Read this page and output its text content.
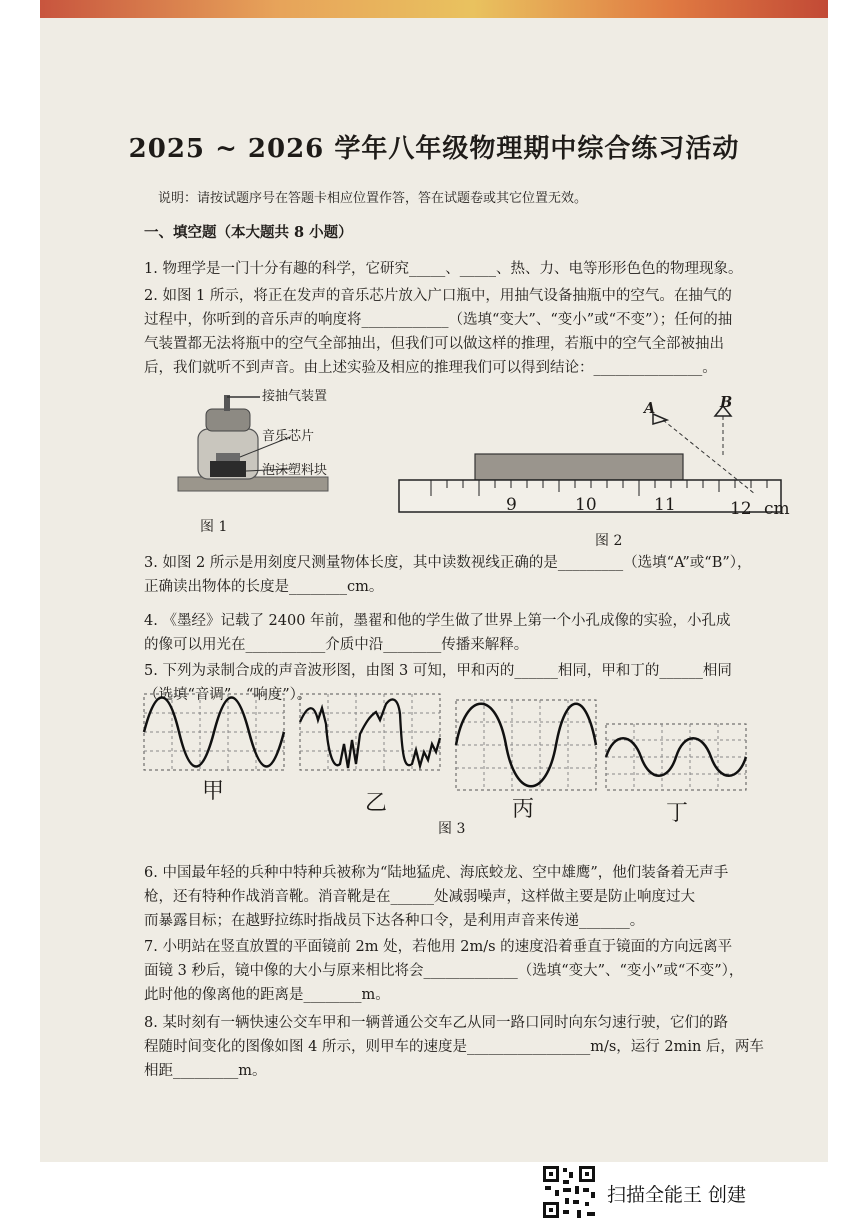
2025 ~ 2026 学年八年级物理期中综合练习活动
说明：请按试题序号在答题卡相应位置作答，答在试题卷或其它位置无效。
一、填空题（本大题共 8 小题）
1. 物理学是一门十分有趣的科学，它研究_____、_____、热、力、电等形形色色的物理现象。
2. 如图 1 所示，将正在发声的音乐芯片放入广口瓶中，用抽气设备抽瓶中的空气。在抽气的
过程中，你听到的音乐声的响度将____________（选填“变大”、“变小”或“不变”）；任何的抽
气装置都无法将瓶中的空气全部抽出，但我们可以做这样的推理，若瓶中的空气全部被抽出
后，我们就听不到声音。由上述实验及相应的推理我们可以得到结论：_______________。
接抽气装置
音乐芯片
泡沫塑料块
图 1
A	B
9	10	11	12 cm
图 2
3. 如图 2 所示是用刻度尺测量物体长度，其中读数视线正确的是_________（选填“A”或“B”），
正确读出物体的长度是________cm。
4. 《墨经》记载了 2400 年前，墨翟和他的学生做了世界上第一个小孔成像的实验，小孔成
的像可以用光在___________介质中沿________传播来解释。
5. 下列为录制合成的声音波形图，由图 3 可知，甲和丙的______相同，甲和丁的______相同
（选填“音调”、“响度”）。
甲	乙	丙	丁
图 3
6. 中国最年轻的兵种中特种兵被称为“陆地猛虎、海底蛟龙、空中雄鹰”，他们装备着无声手
枪，还有特种作战消音靴。消音靴是在______处减弱噪声，这样做主要是防止响度过大
而暴露目标；在越野拉练时指战员下达各种口令，是利用声音来传递_______。
7. 小明站在竖直放置的平面镜前 2m 处，若他用 2m/s 的速度沿着垂直于镜面的方向远离平
面镜 3 秒后，镜中像的大小与原来相比将会_____________（选填“变大”、“变小”或“不变”），
此时他的像离他的距离是________m。
8. 某时刻有一辆快速公交车甲和一辆普通公交车乙从同一路口同时向东匀速行驶，它们的路
程随时间变化的图像如图 4 所示，则甲车的速度是_________________m/s，运行 2min 后，两车
相距_________m。
扫描全能王 创建
